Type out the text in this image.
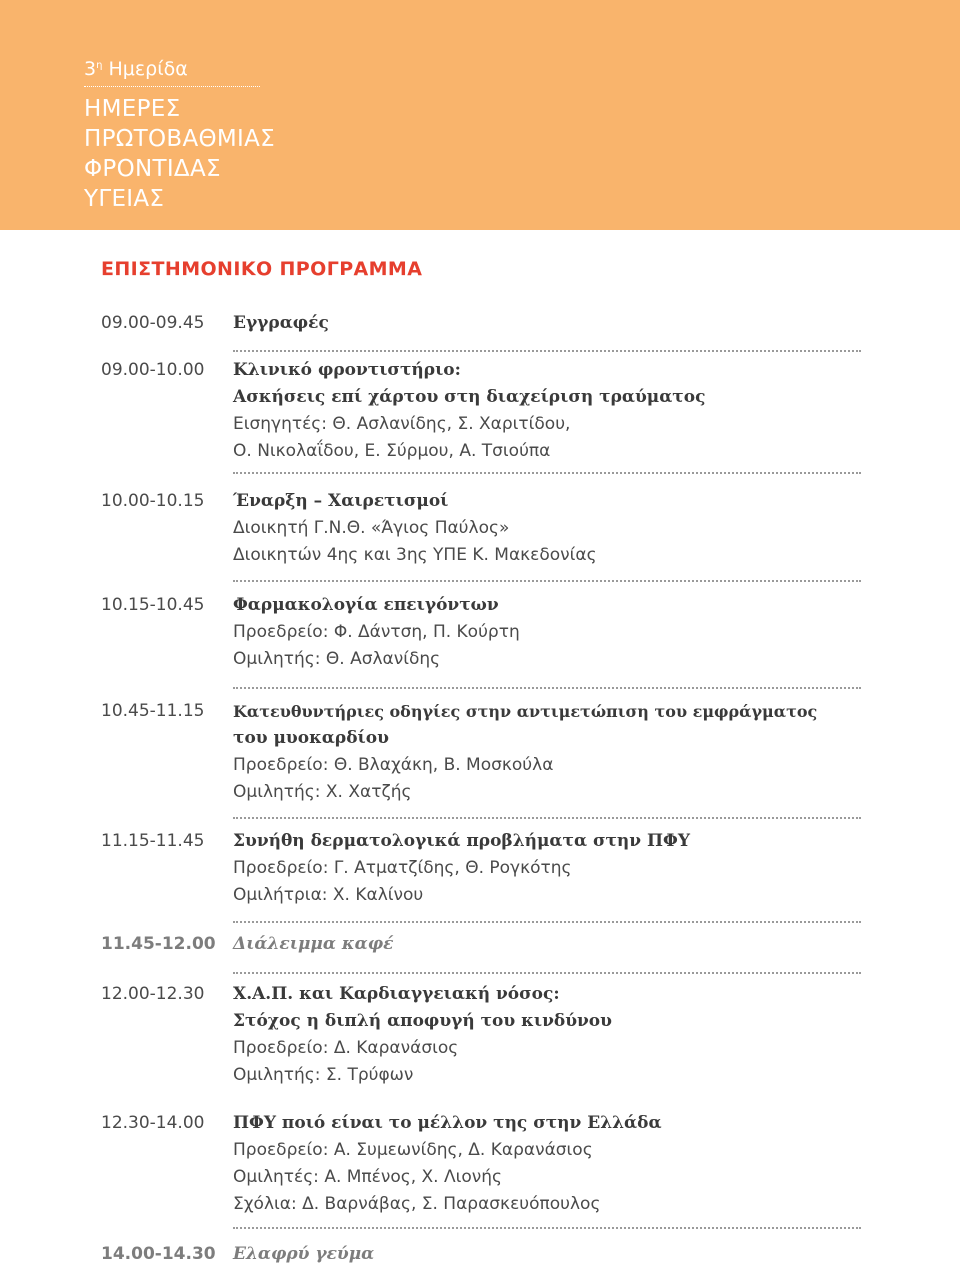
$3^\eta$ Ημερίδα
ΗΜΕΡΕΣ
ΠΡΩΤΟΒΑΘΜΙΑΣ
ΦΡΟΝΤΙΔΑΣ
ΥΓΕΙΑΣ
ΕΠΙΣΤΗΜΟΝΙΚΟ ΠΡΟΓΡΑΜΜΑ
09.00-09.45 Εγγραφές
09.00-10.00 Κλινικό φροντιστήριο:
Ασκήσεις επί χάρτου στη διαχείριση τραύματος
Εισηγητές: Θ. Ασλανίδης, Σ. Χαριτίδου,
Ο. Νικολαΐδου, Ε. Σύρμου, Α. Τσιούπα
10.00-10.15 Έναρξη – Χαιρετισμοί
Διοικητή Γ.Ν.Θ. «Άγιος Παύλος»
Διοικητών 4ης και 3ης ΥΠΕ Κ. Μακεδονίας
10.15-10.45 Φαρμακολογία επειγόντων
Προεδρείο: Φ. Δάντση, Π. Κούρτη
Ομιλητής: Θ. Ασλανίδης
10.45-11.15 Κατευθυντήριες οδηγίες στην αντιμετώπιση του εμφράγματος
του μυοκαρδίου
Προεδρείο: Θ. Βλαχάκη, Β. Μοσκούλα
Ομιλητής: Χ. Χατζής
11.15-11.45 Συνήθη δερματολογικά προβλήματα στην ΠΦΥ
Προεδρείο: Γ. Ατματζίδης, Θ. Ρογκότης
Ομιλήτρια: Χ. Καλίνου
11.45-12.00 Διάλειμμα καφέ
12.00-12.30 Χ.Α.Π. και Καρδιαγγειακή νόσος:
Στόχος η διπλή αποφυγή του κινδύνου
Προεδρείο: Δ. Καρανάσιος
Ομιλητής: Σ. Τρύφων
12.30-14.00 ΠΦΥ ποιό είναι το μέλλον της στην Ελλάδα
Προεδρείο: Α. Συμεωνίδης, Δ. Καρανάσιος
Ομιλητές: Α. Μπένος, Χ. Λιονής
Σχόλια: Δ. Βαρνάβας, Σ. Παρασκευόπουλος
14.00-14.30 Ελαφρύ γεύμα
